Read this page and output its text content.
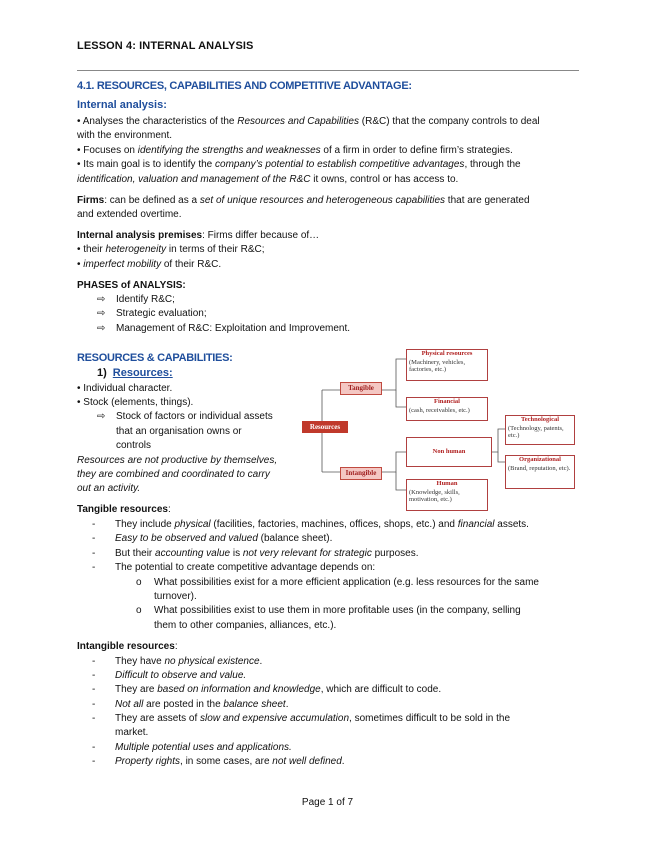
LESSON 4: INTERNAL ANALYSIS
4.1. RESOURCES, CAPABILITIES AND COMPETITIVE ADVANTAGE:
Internal analysis:
• Analyses the characteristics of the Resources and Capabilities (R&C) that the company controls to deal
with the environment.
• Focuses on identifying the strengths and weaknesses of a firm in order to define firm’s strategies.
• Its main goal is to identify the company’s potential to establish competitive advantages, through the
identification, valuation and management of the R&C it owns, control or has access to.
Firms: can be defined as a set of unique resources and heterogeneous capabilities that are generated
and extended overtime.
Internal analysis premises: Firms differ because of…
• their heterogeneity in terms of their R&C;
• imperfect mobility of their R&C.
PHASES of ANALYSIS:
⇨ Identify R&C;
⇨ Strategic evaluation;
⇨ Management of R&C: Exploitation and Improvement.
RESOURCES & CAPABILITIES:
1) Resources:
• Individual character.
• Stock (elements, things).
⇨ Stock of factors or individual assets
that an organisation owns or
controls
Resources are not productive by themselves,
they are combined and coordinated to carry
out an activity.
Resources
Tangible
Intangible
Physical resources
(Machinery, vehicles, factories, etc.)
Financial
(cash, receivables, etc.)
Non human
Human
(Knowledge, skills, motivation, etc.)
Technological
(Technology, patents, etc.)
Organizational
(Brand, reputation, etc).
Tangible resources:
- They include physical (facilities, factories, machines, offices, shops, etc.) and financial assets.
- Easy to be observed and valued (balance sheet).
- But their accounting value is not very relevant for strategic purposes.
- The potential to create competitive advantage depends on:
o What possibilities exist for a more efficient application (e.g. less resources for the same
turnover).
o What possibilities exist to use them in more profitable uses (in the company, selling
them to other companies, alliances, etc.).
Intangible resources:
- They have no physical existence.
- Difficult to observe and value.
- They are based on information and knowledge, which are difficult to code.
- Not all are posted in the balance sheet.
- They are assets of slow and expensive accumulation, sometimes difficult to be sold in the
market.
- Multiple potential uses and applications.
- Property rights, in some cases, are not well defined.
Page 1 of 7
